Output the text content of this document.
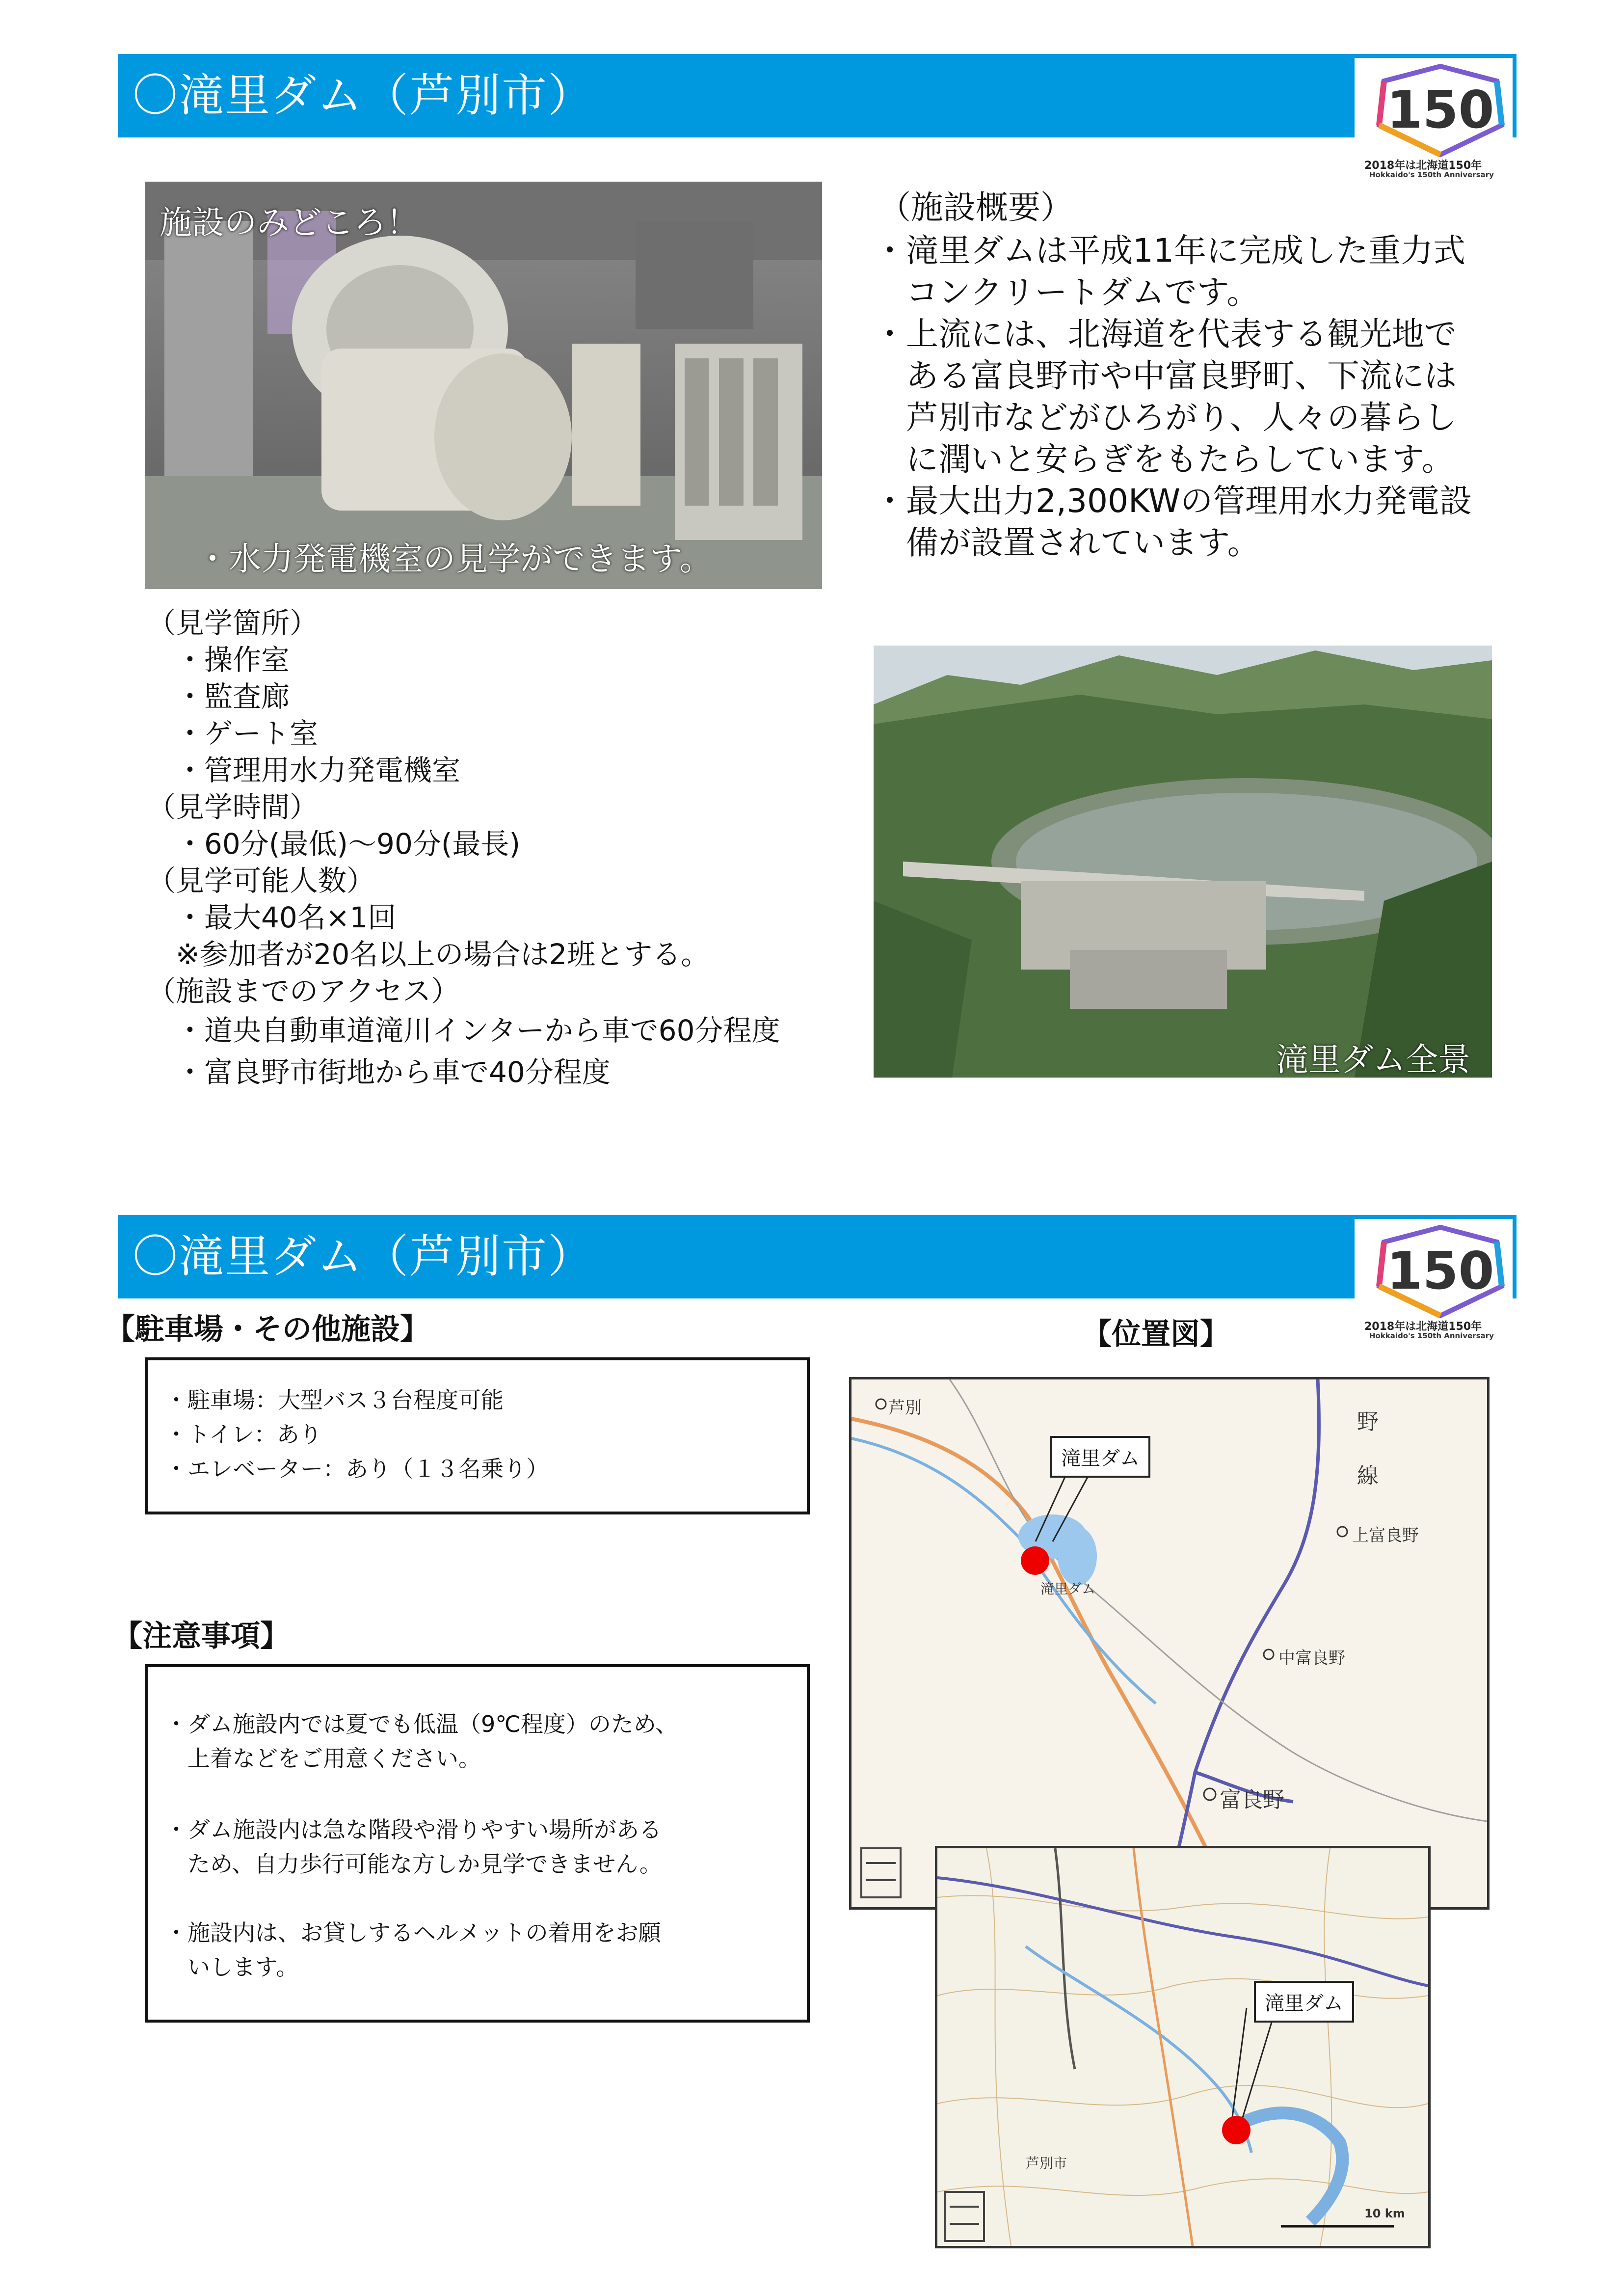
〇滝里ダム（芦別市）	150
2018年は北海道150年
Hokkaido's 150th Anniversary
施設のみどころ！
・水力発電機室の見学ができます。
（施設概要）
・滝里ダムは平成11年に完成した重力式
　コンクリートダムです。
・上流には、北海道を代表する観光地で
　ある富良野市や中富良野町、下流には
　芦別市などがひろがり、人々の暮らし
　に潤いと安らぎをもたらしています。
・最大出力2,300KWの管理用水力発電設
　備が設置されています。
（見学箇所）
　・操作室
　・監査廊
　・ゲート室
　・管理用水力発電機室
（見学時間）
　・60分(最低)～90分(最長)
（見学可能人数）
　・最大40名×1回
　※参加者が20名以上の場合は2班とする。
（施設までのアクセス）
　・道央自動車道滝川インターから車で60分程度
　・富良野市街地から車で40分程度	滝里ダム全景
〇滝里ダム（芦別市）	150
2018年は北海道150年
Hokkaido's 150th Anniversary
【駐車場・その他施設】
・駐車場：大型バス３台程度可能
・トイレ：あり
・エレベーター：あり（１３名乗り）
【注意事項】
・ダム施設内では夏でも低温（9℃程度）のため、
　上着などをご用意ください。
・ダム施設内は急な階段や滑りやすい場所がある
　ため、自力歩行可能な方しか見学できません。
・施設内は、お貸しするヘルメットの着用をお願
　いします。
【位置図】
滝里ダム
滝里ダム
芦別
上富良野
中富良野
富良野
野
線
滝里ダム
芦別市
10 km
